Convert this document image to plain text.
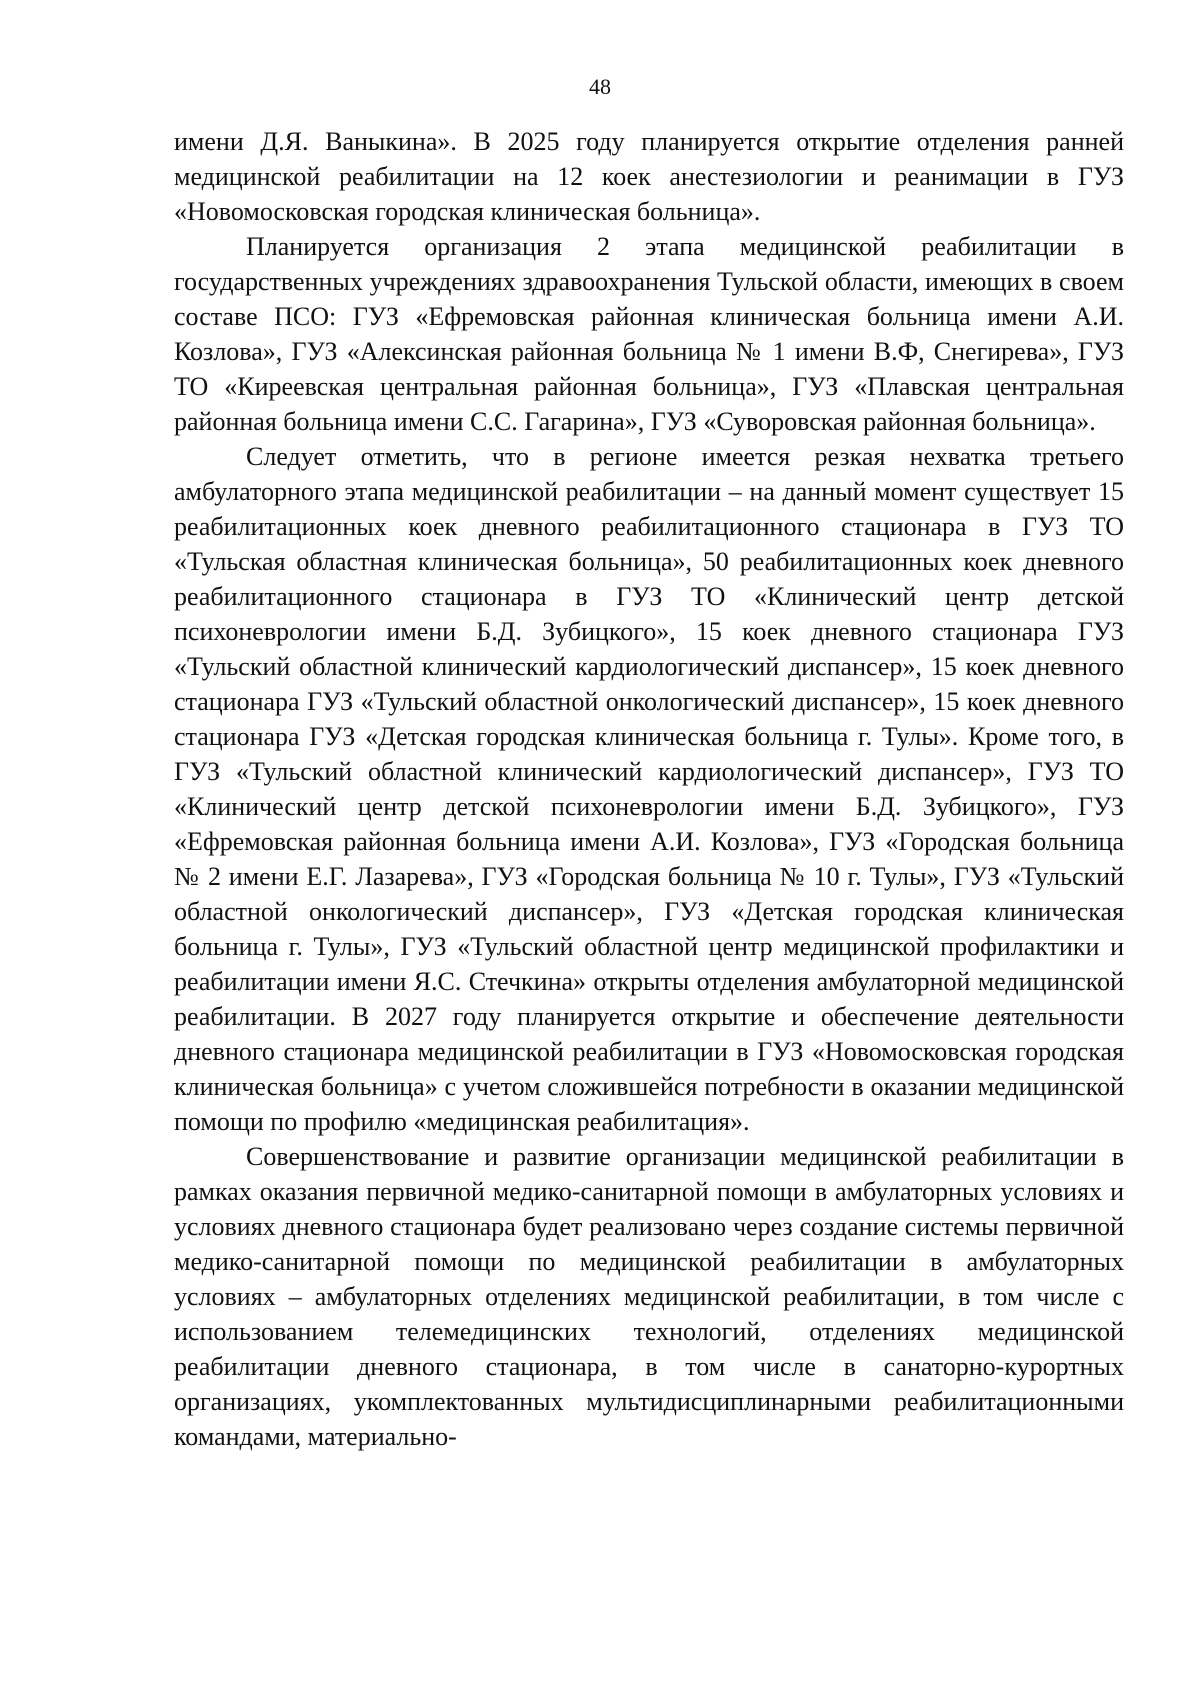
48

имени Д.Я. Ваныкина». В 2025 году планируется открытие отделения ранней медицинской реабилитации на 12 коек анестезиологии и реанимации в ГУЗ «Новомосковская городская клиническая больница».

Планируется организация 2 этапа медицинской реабилитации в государственных учреждениях здравоохранения Тульской области, имеющих в своем составе ПСО: ГУЗ «Ефремовская районная клиническая больница имени А.И. Козлова», ГУЗ «Алексинская районная больница № 1 имени В.Ф, Снегирева», ГУЗ ТО «Киреевская центральная районная больница», ГУЗ «Плавская центральная районная больница имени С.С. Гагарина», ГУЗ «Суворовская районная больница».

Следует отметить, что в регионе имеется резкая нехватка третьего амбулаторного этапа медицинской реабилитации – на данный момент существует 15 реабилитационных коек дневного реабилитационного стационара в ГУЗ ТО «Тульская областная клиническая больница», 50 реабилитационных коек дневного реабилитационного стационара в ГУЗ ТО «Клинический центр детской психоневрологии имени Б.Д. Зубицкого», 15 коек дневного стационара ГУЗ «Тульский областной клинический кардиологический диспансер», 15 коек дневного стационара ГУЗ «Тульский областной онкологический диспансер», 15 коек дневного стационара ГУЗ «Детская городская клиническая больница г. Тулы». Кроме того, в ГУЗ «Тульский областной клинический кардиологический диспансер», ГУЗ ТО «Клинический центр детской психоневрологии имени Б.Д. Зубицкого», ГУЗ «Ефремовская районная больница имени А.И. Козлова», ГУЗ «Городская больница № 2 имени Е.Г. Лазарева», ГУЗ «Городская больница № 10 г. Тулы», ГУЗ «Тульский областной онкологический диспансер», ГУЗ «Детская городская клиническая больница г. Тулы», ГУЗ «Тульский областной центр медицинской профилактики и реабилитации имени Я.С. Стечкина» открыты отделения амбулаторной медицинской реабилитации. В 2027 году планируется открытие и обеспечение деятельности дневного стационара медицинской реабилитации в ГУЗ «Новомосковская городская клиническая больница» с учетом сложившейся потребности в оказании медицинской помощи по профилю «медицинская реабилитация».

Совершенствование и развитие организации медицинской реабилитации в рамках оказания первичной медико-санитарной помощи в амбулаторных условиях и условиях дневного стационара будет реализовано через создание системы первичной медико-санитарной помощи по медицинской реабилитации в амбулаторных условиях – амбулаторных отделениях медицинской реабилитации, в том числе с использованием телемедицинских технологий, отделениях медицинской реабилитации дневного стационара, в том числе в санаторно-курортных организациях, укомплектованных мультидисциплинарными реабилитационными командами, материально-
